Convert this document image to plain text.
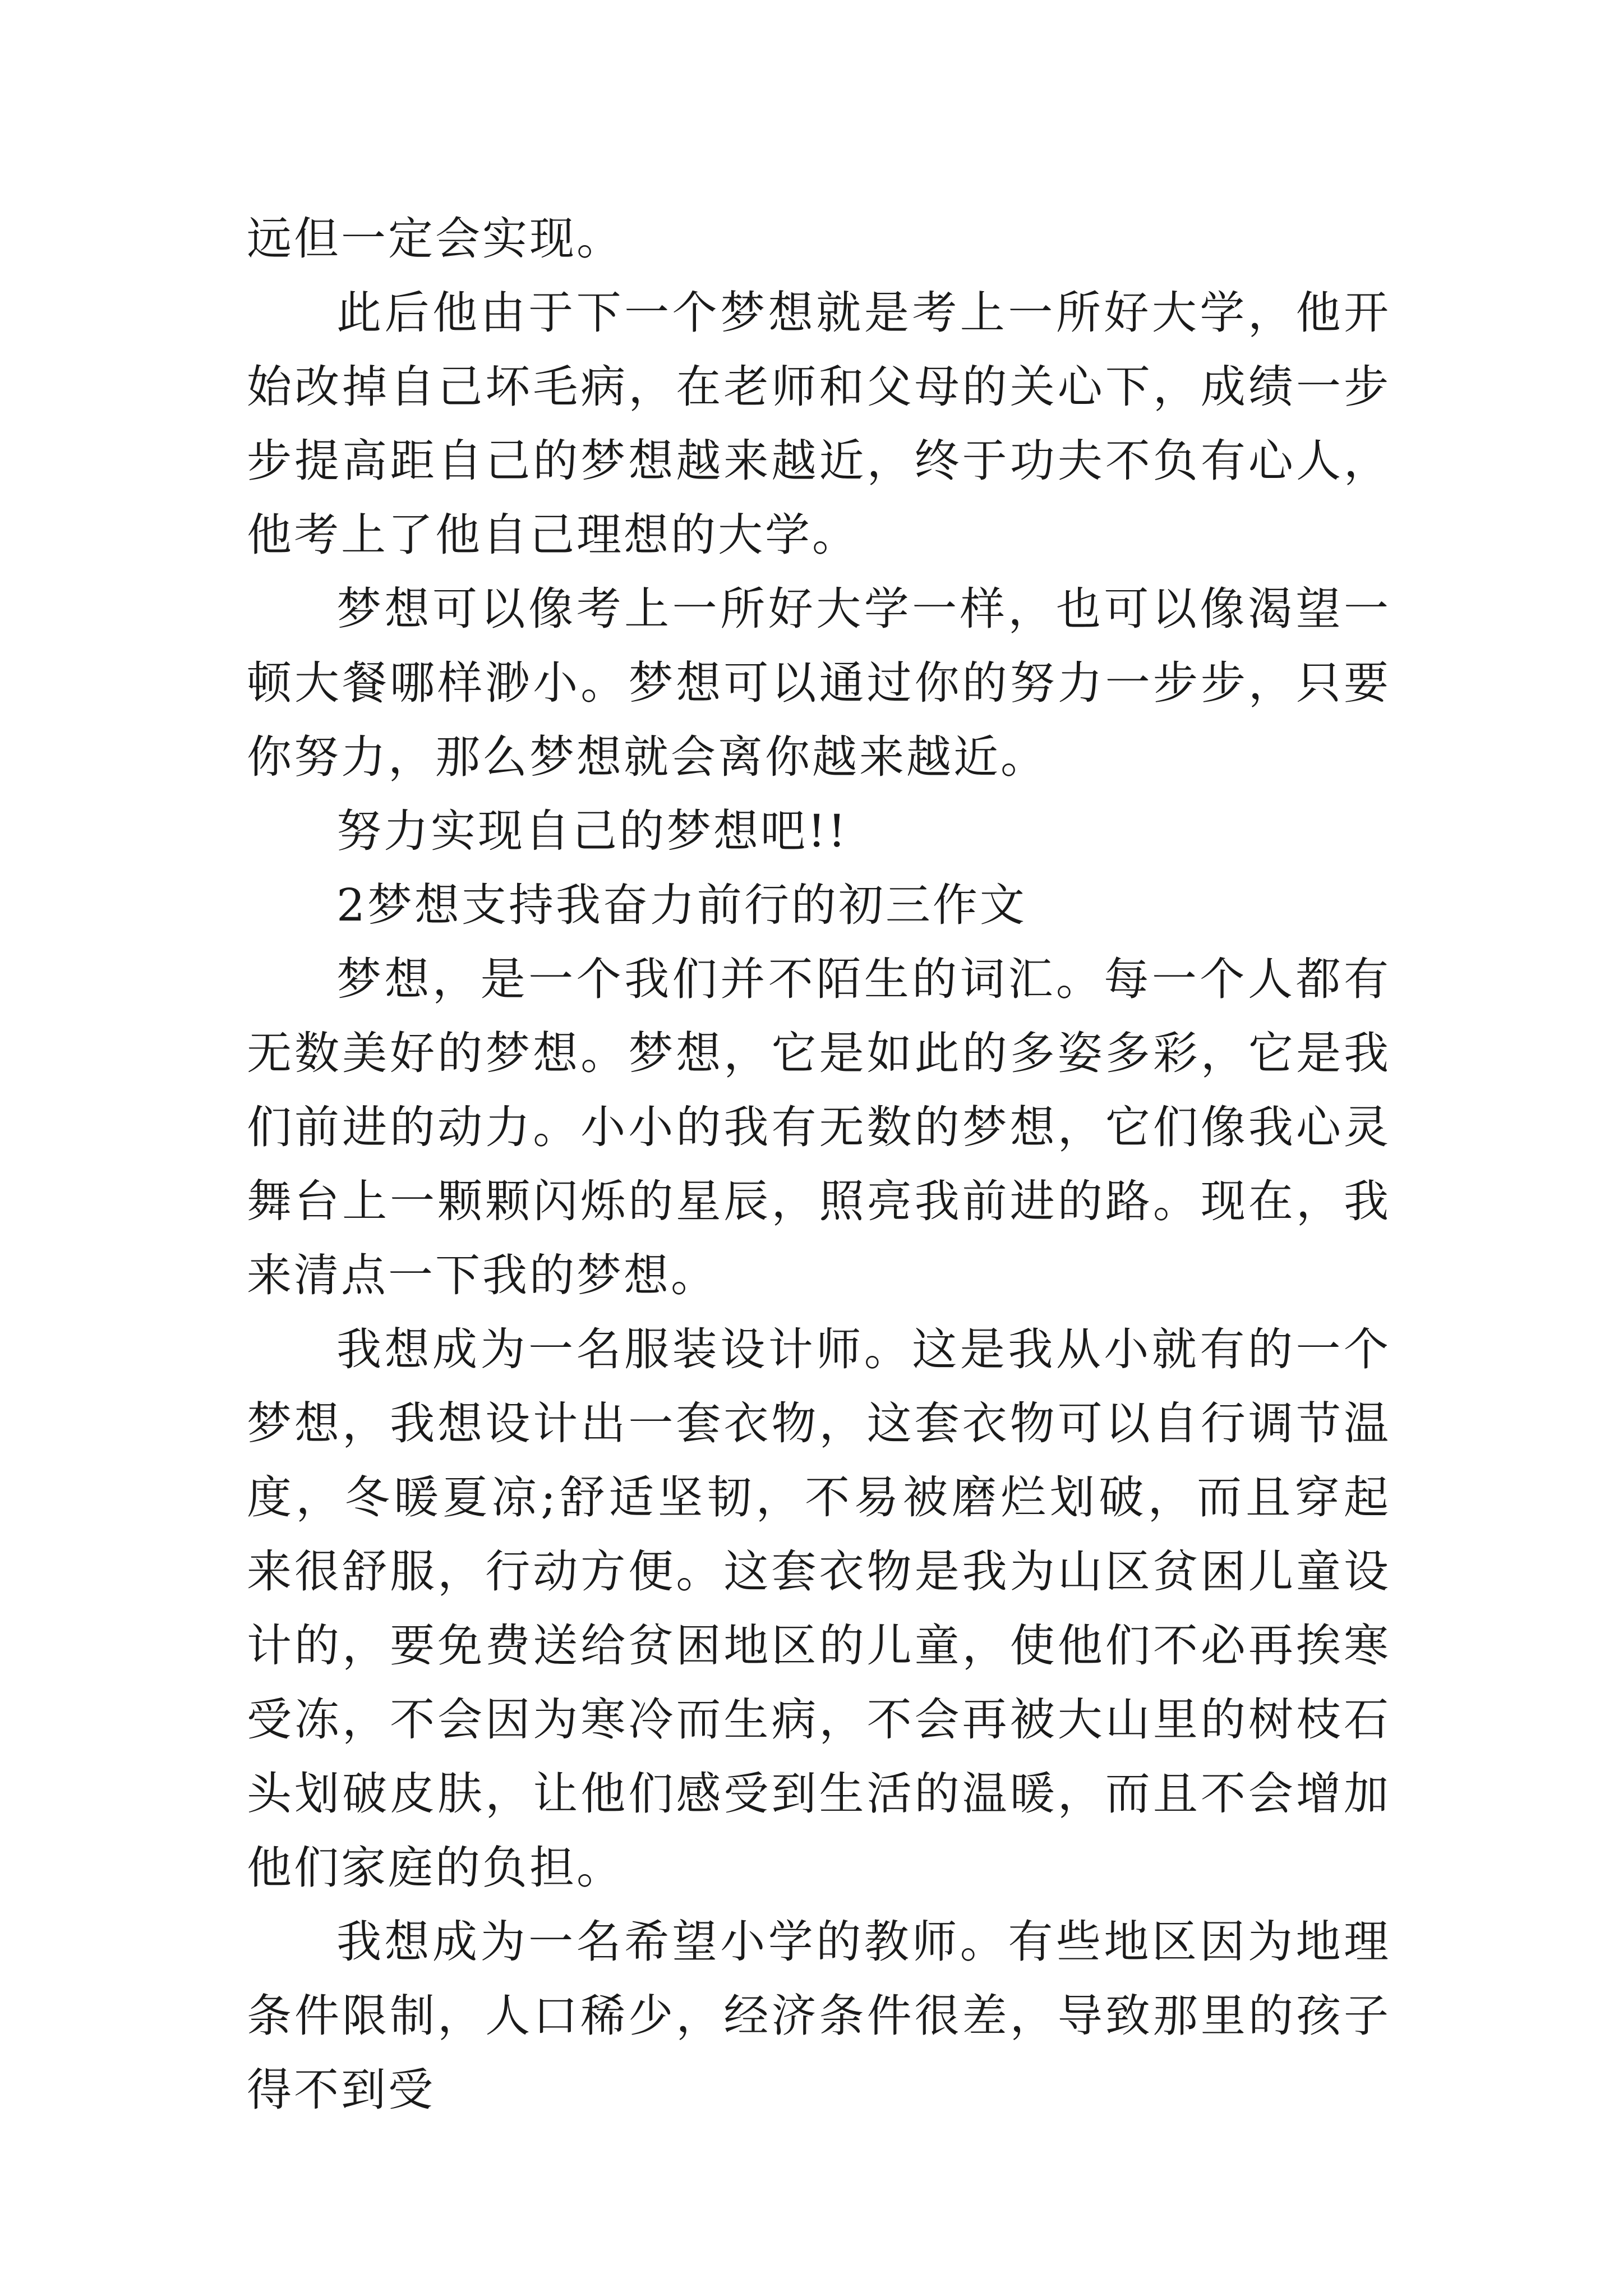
远但一定会实现。

此后他由于下一个梦想就是考上一所好大学，他开始改掉自己坏毛病，在老师和父母的关心下，成绩一步步提高距自己的梦想越来越近，终于功夫不负有心人，他考上了他自己理想的大学。

梦想可以像考上一所好大学一样，也可以像渴望一顿大餐哪样渺小。梦想可以通过你的努力一步步，只要你努力，那么梦想就会离你越来越近。

努力实现自己的梦想吧!!

2梦想支持我奋力前行的初三作文

梦想，是一个我们并不陌生的词汇。每一个人都有无数美好的梦想。梦想，它是如此的多姿多彩，它是我们前进的动力。小小的我有无数的梦想，它们像我心灵舞台上一颗颗闪烁的星辰，照亮我前进的路。现在，我来清点一下我的梦想。

我想成为一名服装设计师。这是我从小就有的一个梦想，我想设计出一套衣物，这套衣物可以自行调节温度，冬暖夏凉;舒适坚韧，不易被磨烂划破，而且穿起来很舒服，行动方便。这套衣物是我为山区贫困儿童设计的，要免费送给贫困地区的儿童，使他们不必再挨寒受冻，不会因为寒冷而生病，不会再被大山里的树枝石头划破皮肤，让他们感受到生活的温暖，而且不会增加他们家庭的负担。

我想成为一名希望小学的教师。有些地区因为地理条件限制，人口稀少，经济条件很差，导致那里的孩子得不到受
